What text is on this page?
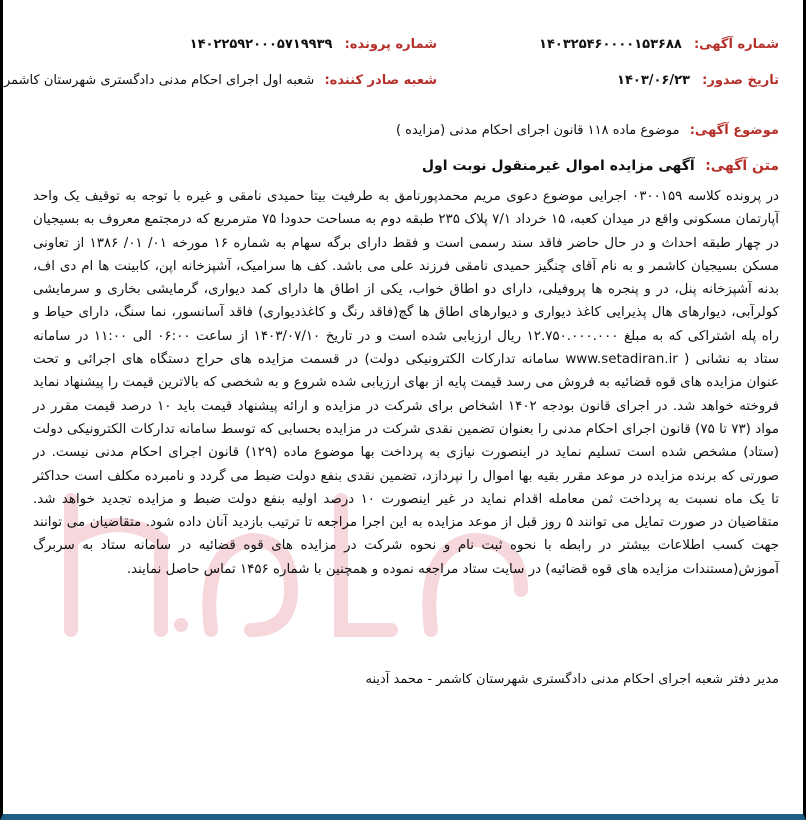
شماره آگهی: ۱۴۰۳۲۵۴۶۰۰۰۰۱۵۳۶۸۸
شماره پرونده: ۱۴۰۲۲۵۹۲۰۰۰۵۷۱۹۹۳۹
تاریخ صدور: ۱۴۰۳/۰۶/۲۳
شعبه صادر کننده: شعبه اول اجرای احکام مدنی دادگستری شهرستان کاشمر
موضوع آگهی: موضوع ماده ۱۱۸ قانون اجرای احکام مدنی (مزایده )
متن آگهی: آگهی مزایده اموال غیرمنقول نوبت اول
در پرونده کلاسه ۰۳۰۰۱۵۹ اجرایی موضوع دعوی مریم محمدپورنامق به طرفیت بیتا حمیدی نامقی و غیره با توجه به توقیف یک واحد آپارتمان مسکونی واقع در میدان کعبه، ۱۵ خرداد ۷/۱ پلاک ۲۳۵ طبقه دوم به مساحت حدودا ۷۵ مترمربع که درمجتمع معروف به بسیجیان در چهار طبقه احداث و در حال حاضر فاقد سند رسمی است و فقط دارای برگه سهام به شماره ۱۶ مورخه ۰۱/ ۰۱/ ۱۳۸۶ از تعاونی مسکن بسیجیان کاشمر و به نام آقای چنگیز حمیدی نامقی فرزند علی می باشد. کف ها سرامیک، آشپزخانه اپن، کابینت ها ام دی اف، بدنه آشپزخانه پنل، در و پنجره ها پروفیلی، دارای دو اطاق خواب، یکی از اطاق ها دارای کمد دیواری، گرمایشی بخاری و سرمایشی کولرآبی، دیوارهای هال پذیرایی کاغذ دیواری و دیوارهای اطاق ها گچ(فاقد رنگ و کاغذدیواری) فاقد آسانسور، نما سنگ، دارای حیاط و راه پله اشتراکی که به مبلغ ۱۲.۷۵۰.۰۰۰.۰۰۰ ریال ارزیابی شده است و در تاریخ ۱۴۰۳/۰۷/۱۰ از ساعت ۰۶:۰۰ الی ۱۱:۰۰ در سامانه ستاد به نشانی ( www.setadiran.ir سامانه تدارکات الکترونیکی دولت) در قسمت مزایده های حراج دستگاه های اجرائی و تحت عنوان مزایده های قوه قضائیه به فروش می رسد قیمت پایه از بهای ارزیابی شده شروع و به شخصی که بالاترین قیمت را پیشنهاد نماید فروخته خواهد شد. در اجرای قانون بودجه ۱۴۰۲ اشخاص برای شرکت در مزایده و ارائه پیشنهاد قیمت باید ۱۰ درصد قیمت مقرر در مواد (۷۳ تا ۷۵) قانون اجرای احکام مدنی را بعنوان تضمین نقدی شرکت در مزایده بحسابی که توسط سامانه تدارکات الکترونیکی دولت (ستاد) مشخص شده است تسلیم نماید در اینصورت نیازی به پرداخت بها موضوع ماده (۱۲۹) قانون اجرای احکام مدنی نیست. در صورتی که برنده مزایده در موعد مقرر بقیه بها اموال را نپردازد، تضمین نقدی بنفع دولت ضبط می گردد و نامبرده مکلف است حداکثر تا یک ماه نسبت به پرداخت ثمن معامله اقدام نماید در غیر اینصورت ۱۰ درصد اولیه بنفع دولت ضبط و مزایده تجدید خواهد شد. متقاضیان در صورت تمایل می توانند ۵ روز قبل از موعد مزایده به این اجرا مراجعه تا ترتیب بازدید آنان داده شود. متقاضیان می توانند جهت کسب اطلاعات بیشتر در رابطه با نحوه ثبت نام و نحوه شرکت در مزایده های قوه قضائیه در سامانه ستاد به سربرگ آموزش(مستندات مزایده های قوه قضائیه) در سایت ستاد مراجعه نموده و همچنین با شماره ۱۴۵۶ تماس حاصل نمایند.
مدیر دفتر شعبه اجرای احکام مدنی دادگستری شهرستان کاشمر - محمد آدینه
